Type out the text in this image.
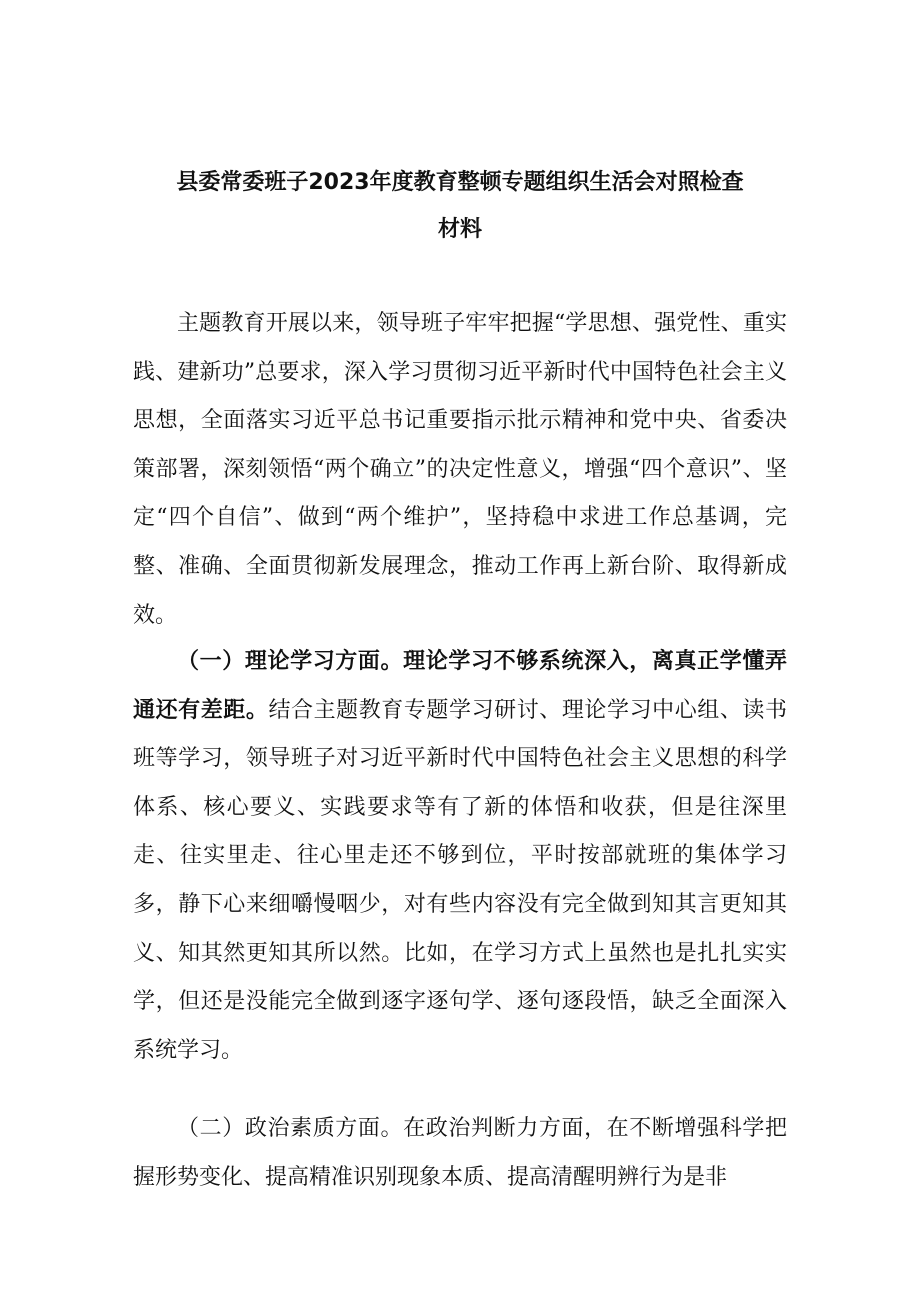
县委常委班子2023年度教育整顿专题组织生活会对照检查
材料

主题教育开展以来，领导班子牢牢把握“学思想、强党性、重实践、建新功”总要求，深入学习贯彻习近平新时代中国特色社会主义思想，全面落实习近平总书记重要指示批示精神和党中央、省委决策部署，深刻领悟“两个确立”的决定性意义，增强“四个意识”、坚定“四个自信”、做到“两个维护”，坚持稳中求进工作总基调，完整、准确、全面贯彻新发展理念，推动工作再上新台阶、取得新成效。

（一）理论学习方面。理论学习不够系统深入，离真正学懂弄通还有差距。结合主题教育专题学习研讨、理论学习中心组、读书班等学习，领导班子对习近平新时代中国特色社会主义思想的科学体系、核心要义、实践要求等有了新的体悟和收获，但是往深里走、往实里走、往心里走还不够到位，平时按部就班的集体学习多，静下心来细嚼慢咽少，对有些内容没有完全做到知其言更知其义、知其然更知其所以然。比如，在学习方式上虽然也是扎扎实实学，但还是没能完全做到逐字逐句学、逐句逐段悟，缺乏全面深入系统学习。

（二）政治素质方面。在政治判断力方面，在不断增强科学把握形势变化、提高精准识别现象本质、提高清醒明辨行为是非
